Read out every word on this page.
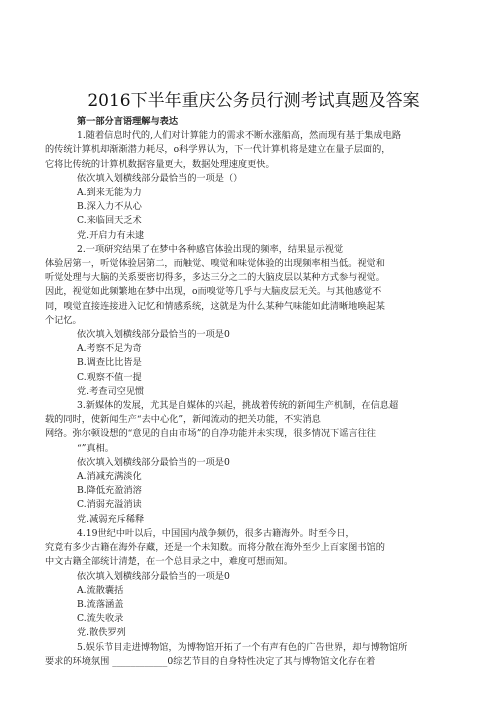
2016下半年重庆公务员行测考试真题及答案

第一部分言语理解与表达

1.随着信息时代的,人们对计算能力的需求不断水涨船高，然而现有基于集成电路

的传统计算机却渐渐潜力耗尽，o科学界认为，下一代计算机将是建立在量子层面的，

它将比传统的计算机数据容量更大，数据处理速度更快。

依次填入划横线部分最恰当的一项是（）

A.到来无能为力

B.深入力不从心

C.来临回天乏术

党.开启力有未逮

2.一项研究结果了在梦中各种感官体验出现的频率，结果显示视觉

体验居第一，听觉体验居第二，而触觉、嗅觉和味觉体验的出现频率相当低。视觉和

听觉处理与大脑的关系要密切得多，多达三分之二的大脑皮层以某种方式参与视觉。

因此，视觉如此频繁地在梦中出现，o而嗅觉等几乎与大脑皮层无关。与其他感觉不

同，嗅觉直接连接进入记忆和情感系统，这就是为什么某种气味能如此清晰地唤起某

个记忆。

依次填入划横线部分最恰当的一项是0

A.考察不足为奇

B.调查比比皆是

C.观察不值一提

党.考查司空见惯

3.新媒体的发展，尤其是自媒体的兴起，挑战着传统的新闻生产机制，在信息超

载的同时，使新闻生产“去中心化”，新闻流动的把关功能，不实消息

网络。弥尔顿设想的“意见的自由市场”的自净功能并未实现，很多情况下谣言往往

“”真相。

依次填入划横线部分最恰当的一项是0

A.消减充满淡化

B.降低充盈消溶

C.消弱充溢消读

党.减弱充斥稀释

4.19世纪中叶以后，中国国内战争频仍，很多古籍海外。时至今日，

究竟有多少古籍在海外存藏，还是一个未知数。而将分散在海外至少上百家图书馆的

中文古籍全部统计清楚，在一个总目录之中，难度可想而知。

依次填入划横线部分最恰当的一项是0

A.流散囊括

B.流落涵盖

C.流失收录

党.散佚罗列

5.娱乐节目走进博物馆，为博物馆开拓了一个有声有色的广告世界，却与博物馆所

要求的环境氛围 ____________0综艺节目的自身特性决定了其与博物馆文化存在着
